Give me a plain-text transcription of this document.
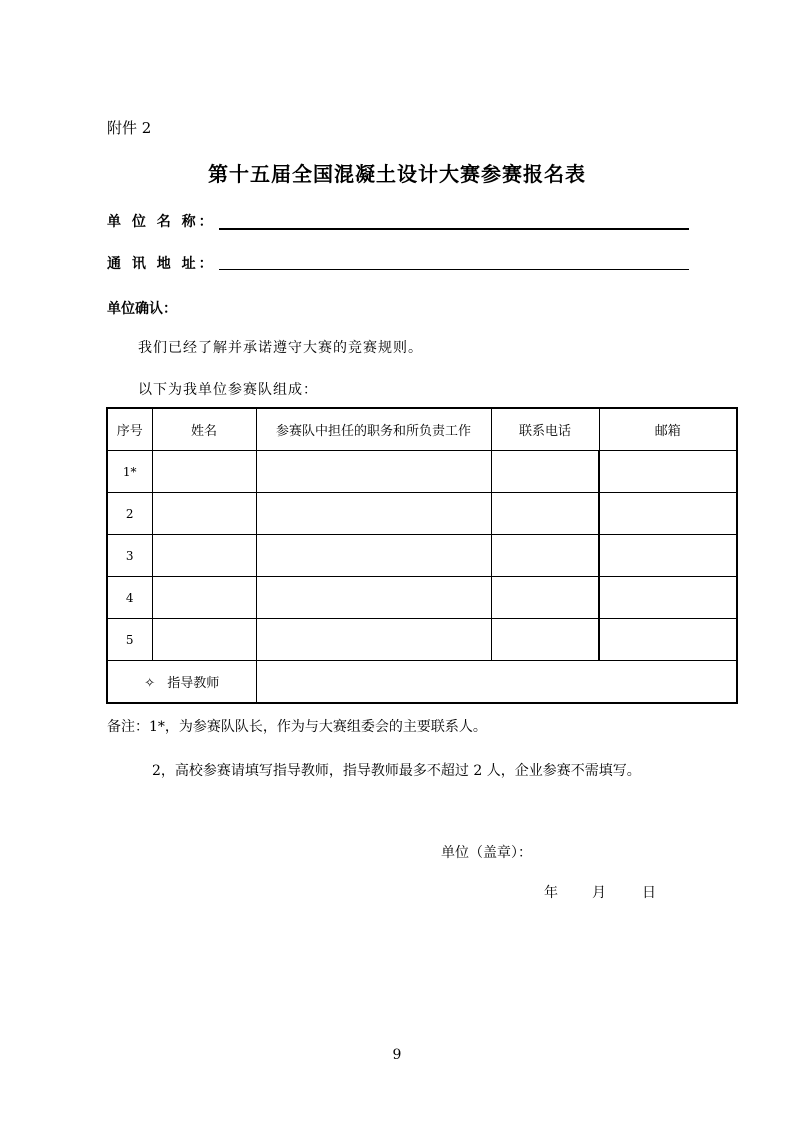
附件 2
第十五届全国混凝土设计大赛参赛报名表
单 位 名 称：
通 讯 地 址：
单位确认：
我们已经了解并承诺遵守大赛的竞赛规则。
以下为我单位参赛队组成：
序号	姓名	参赛队中担任的职务和所负责工作	联系电话	邮箱
1*				
2				
3				
4				
5				
✧ 指导教师				
备注：1*，为参赛队队长，作为与大赛组委会的主要联系人。
2，高校参赛请填写指导教师，指导教师最多不超过 2 人，企业参赛不需填写。
单位（盖章）：
年 月	日
9
